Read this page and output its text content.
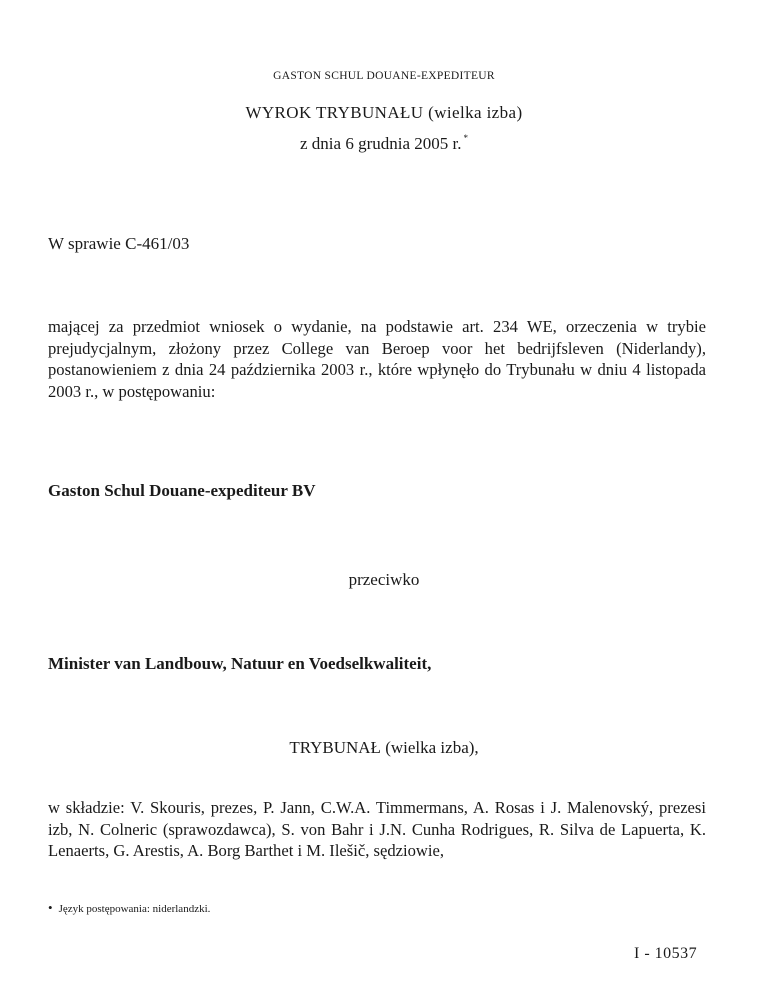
GASTON SCHUL DOUANE-EXPEDITEUR
WYROK TRYBUNAŁU (wielka izba)
z dnia 6 grudnia 2005 r. *
W sprawie C-461/03
mającej za przedmiot wniosek o wydanie, na podstawie art. 234 WE, orzeczenia w trybie prejudycjalnym, złożony przez College van Beroep voor het bedrijfsleven (Niderlandy), postanowieniem z dnia 24 października 2003 r., które wpłynęło do Trybunału w dniu 4 listopada 2003 r., w postępowaniu:
Gaston Schul Douane-expediteur BV
przeciwko
Minister van Landbouw, Natuur en Voedselkwaliteit,
TRYBUNAŁ (wielka izba),
w składzie: V. Skouris, prezes, P. Jann, C.W.A. Timmermans, A. Rosas i J. Malenovský, prezesi izb, N. Colneric (sprawozdawca), S. von Bahr i J.N. Cunha Rodrigues, R. Silva de Lapuerta, K. Lenaerts, G. Arestis, A. Borg Barthet i M. Ilešič, sędziowie,
• Język postępowania: niderlandzki.
I - 10537
